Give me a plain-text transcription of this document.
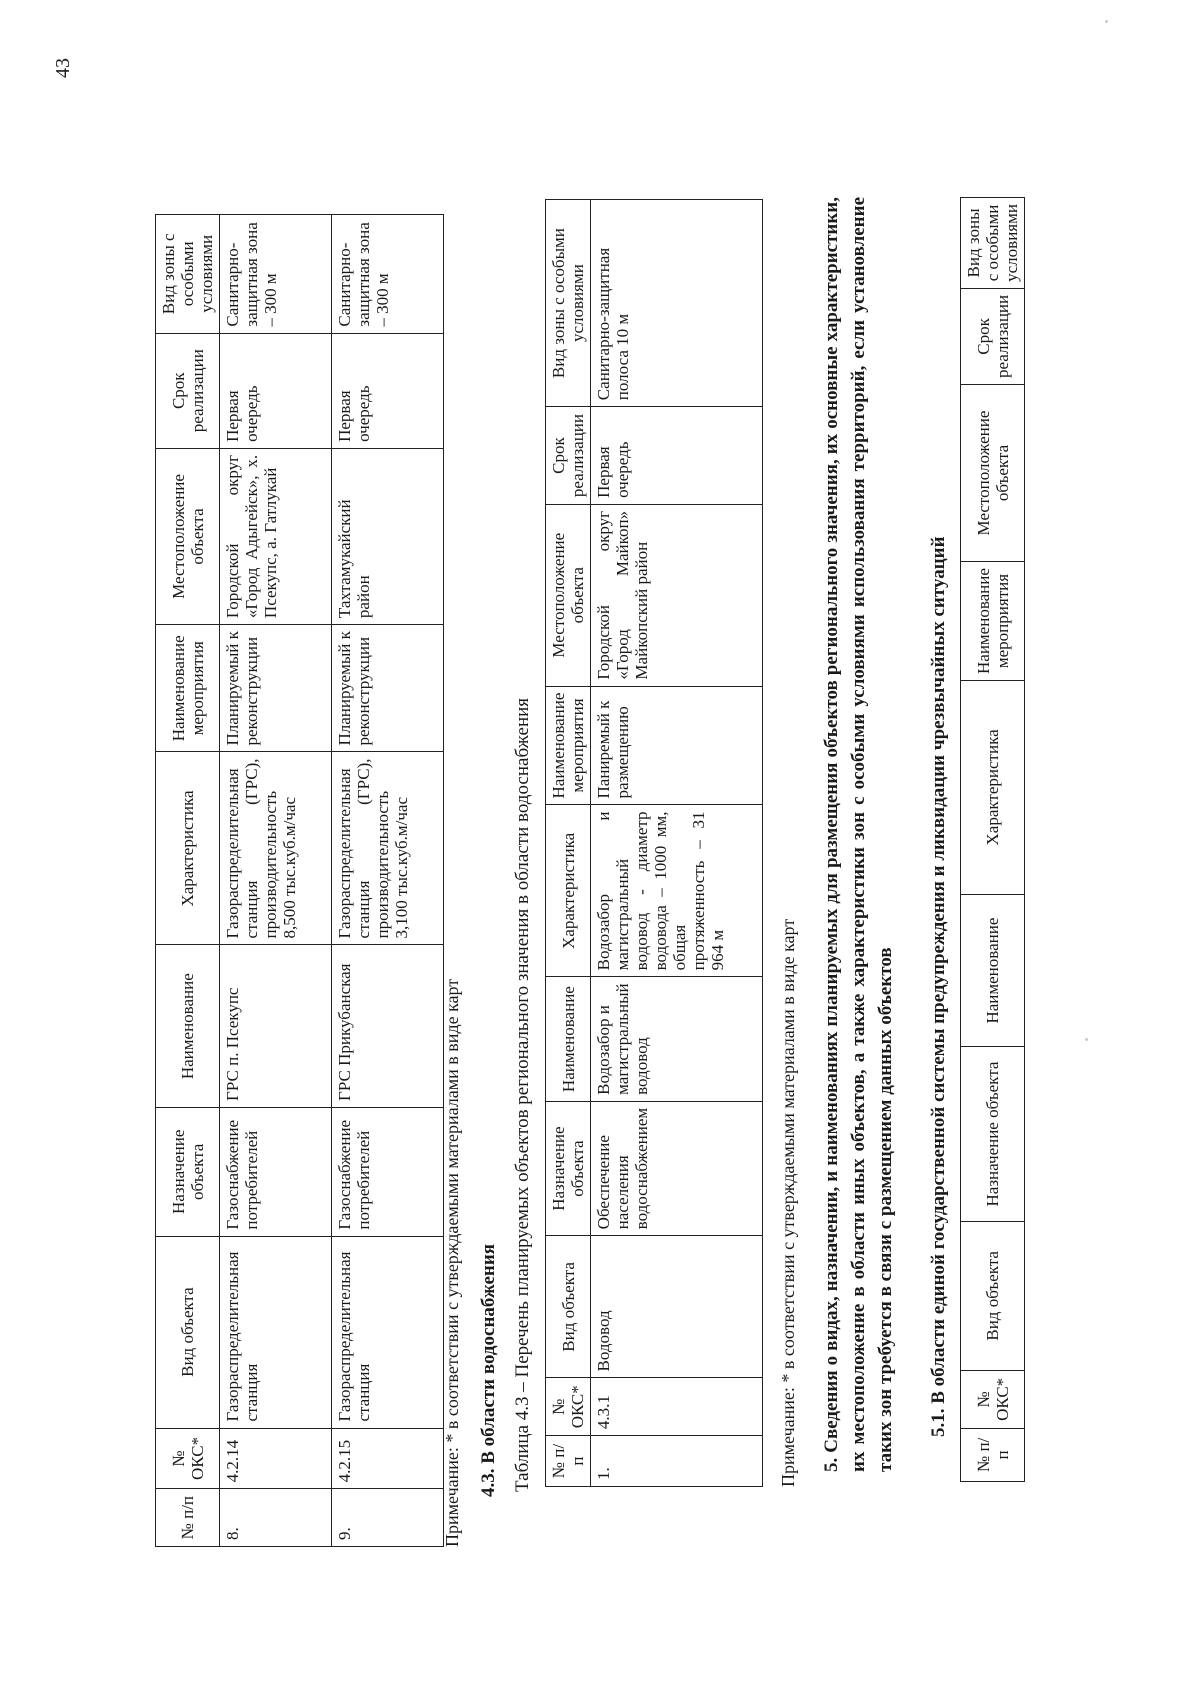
43
№ п/п	№ ОКС*	Вид объекта	Назначение объекта	Наименование	Характеристика	Наименование мероприятия	Местоположение объекта	Срок реализации	Вид зоны с особыми условиями
8.	4.2.14	Газораспределительная станция	Газоснабжение потребителей	ГРС п. Псекупс	Газораспределительная станция (ГРС), производительность 8,500 тыс.куб.м/час	Планируемый к реконструкции	Городской округ «Город Адыгейск», х. Псекупс, а. Гатлукай	Первая очередь	Санитарно-защитная зона – 300 м
9.	4.2.15	Газораспределительная станция	Газоснабжение потребителей	ГРС Прикубанская	Газораспределительная станция (ГРС), производительность 3,100 тыс.куб.м/час	Планируемый к реконструкции	Тахтамукайский район	Первая очередь	Санитарно-защитная зона – 300 м
Примечание: * в соответствии с утверждаемыми материалами в виде карт 4.3. В области водоснабжения Таблица 4.3 – Перечень планируемых объектов регионального значения в области водоснабжения № п/п	№ ОКС*	Вид объекта	Назначение объекта	Наименование	Характеристика	Наименование мероприятия	Местоположение объекта	Срок реализации	Вид зоны с особыми условиями
1.	4.3.1	Водовод	Обеспечение населения водоснабжением	Водозабор и магистральный водовод	Водозабор и магистральный водовод - диаметр водовода – 1000 мм, общая протяженность – 31 964 м	Паниремый к размещению	Городской округ «Город Майкоп» Майкопский район	Первая очередь	Санитарно-защитная полоса 10 м
Примечание: * в соответствии с утверждаемыми материалами в виде карт 5. Сведения о видах, назначении, и наименованиях планируемых для размещения объектов регионального значения, их основные характеристики, их местоположение в области иных объектов, а также характеристики зон с особыми условиями использования территорий, если установление таких зон требуется в связи с размещением данных объектов 5.1. В области единой государственной системы предупреждения и ликвидации чрезвычайных ситуаций
№ п/п	№ ОКС*	Вид объекта	Назначение объекта	Наименование	Характеристика	Наименование мероприятия	Местоположение объекта	Срок реализации	Вид зоны с особыми условиями
